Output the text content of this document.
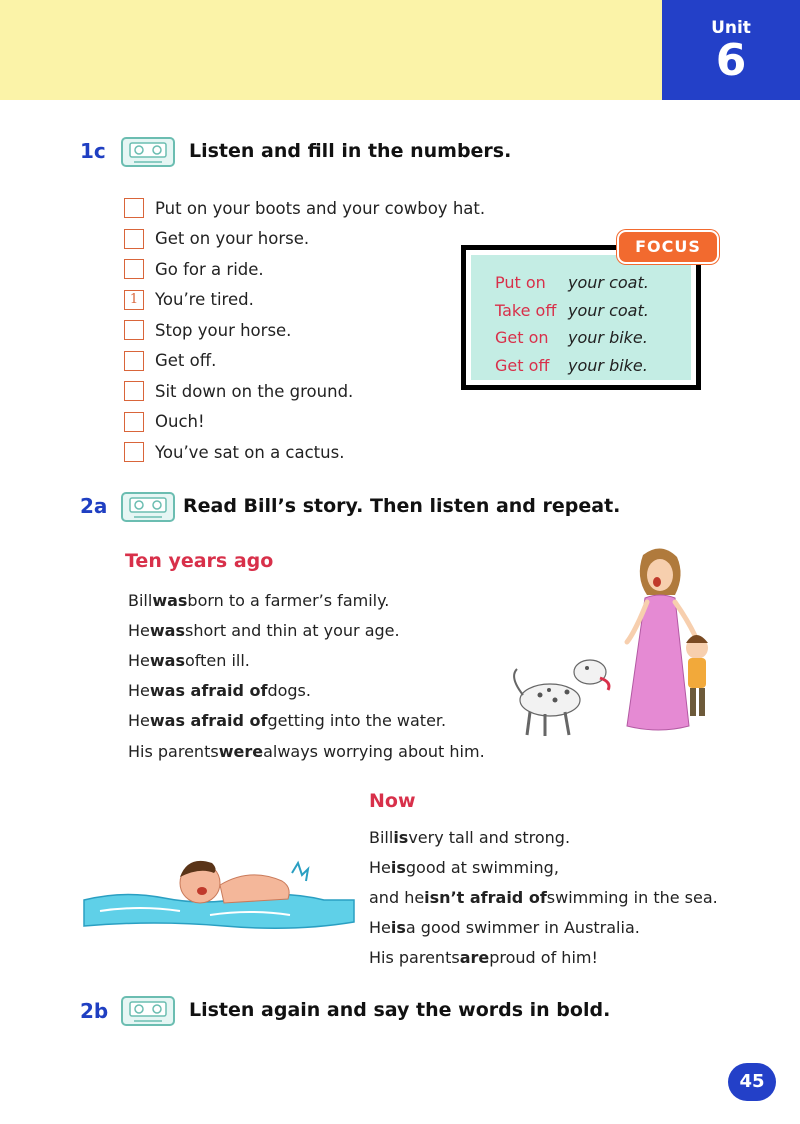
Unit
6
1c	Listen and fill in the numbers.
Put on your boots and your cowboy hat.
Get on your horse.
Go for a ride.
1	You’re tired.
Stop your horse.
Get off.
Sit down on the ground.
Ouch!
You’ve sat on a cactus.
Put on	your coat.
Take off your coat.
Get on	your bike.
Get off	your bike.
FOCUS
2a	Read Bill’s story. Then listen and repeat.
Ten years ago
Bill was born to a farmer’s family.
He was short and thin at your age.
He was often ill.
He was afraid of dogs.
He was afraid of getting into the water.
His parents were always worrying about him.
Now
Bill is very tall and strong.
He is good at swimming,
and he isn’t afraid of swimming in the sea.
He is a good swimmer in Australia.
His parents are proud of him!
2b	Listen again and say the words in bold.
45
